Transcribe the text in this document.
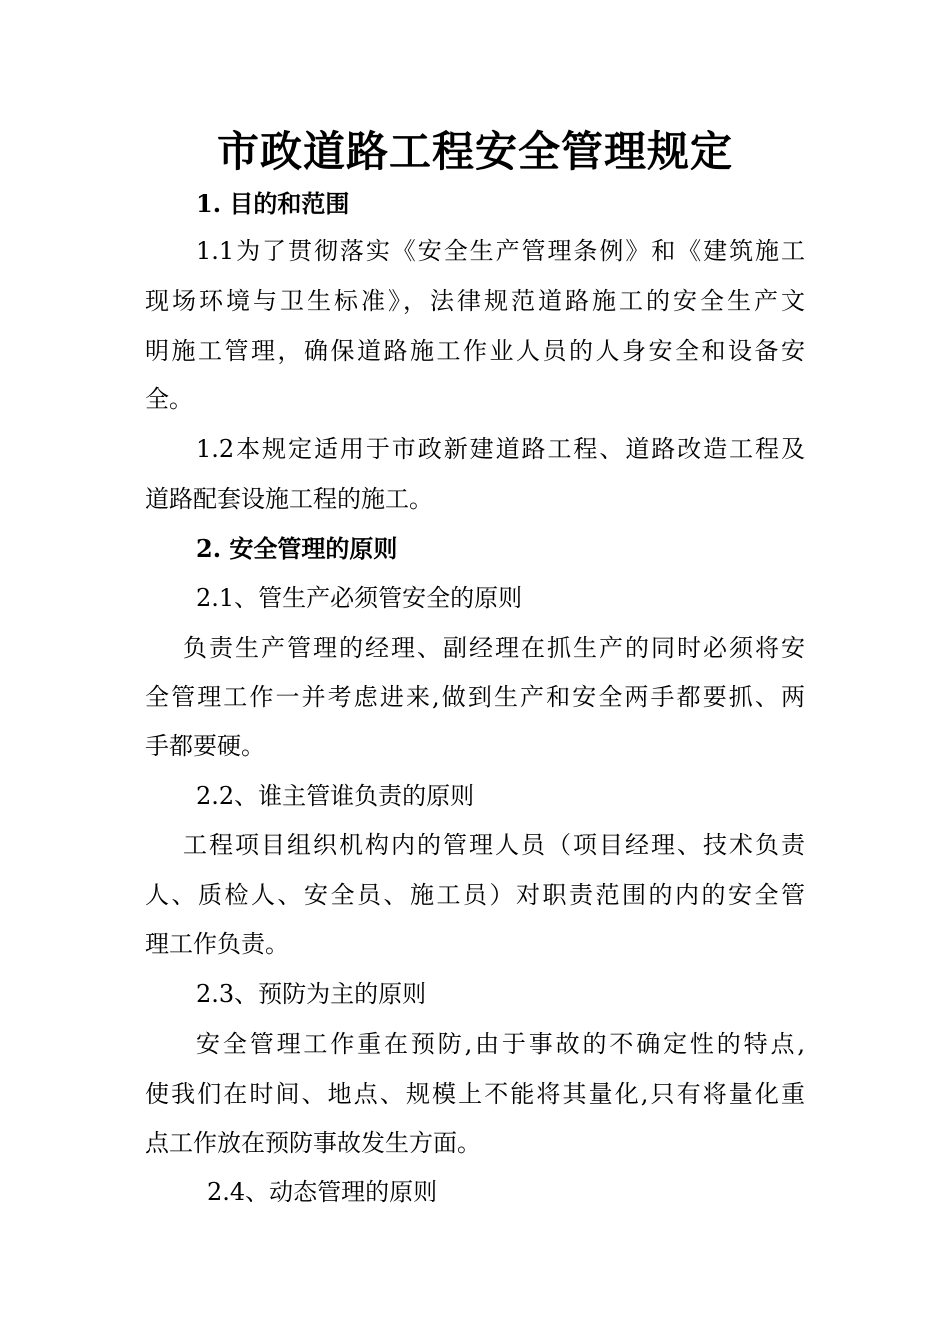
市政道路工程安全管理规定
1. 目的和范围
1.1为了贯彻落实《安全生产管理条例》和《建筑施工
现场环境与卫生标准》，法律规范道路施工的安全生产文
明施工管理，确保道路施工作业人员的人身安全和设备安
全。
1.2本规定适用于市政新建道路工程、道路改造工程及
道路配套设施工程的施工。
2. 安全管理的原则
2.1、管生产必须管安全的原则
负责生产管理的经理、副经理在抓生产的同时必须将安
全管理工作一并考虑进来,做到生产和安全两手都要抓、两
手都要硬。
2.2、谁主管谁负责的原则
工程项目组织机构内的管理人员（项目经理、技术负责
人、质检人、安全员、施工员）对职责范围的内的安全管
理工作负责。
2.3、预防为主的原则
安全管理工作重在预防,由于事故的不确定性的特点,
使我们在时间、地点、规模上不能将其量化,只有将量化重
点工作放在预防事故发生方面。
2.4、动态管理的原则
